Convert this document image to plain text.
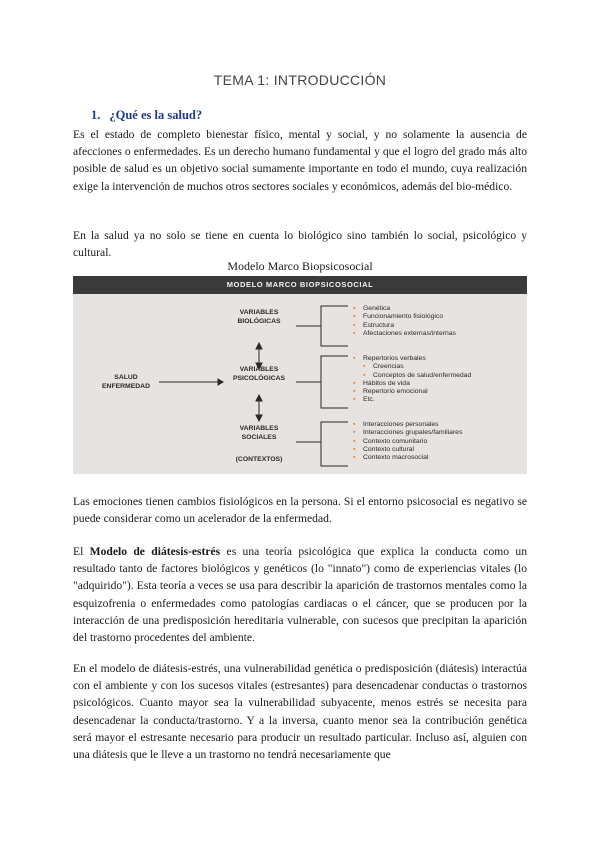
TEMA 1: INTRODUCCIÓN
1. ¿Qué es la salud?

Es el estado de completo bienestar físico, mental y social, y no solamente la ausencia de afecciones o enfermedades. Es un derecho humano fundamental y que el logro del grado más alto posible de salud es un objetivo social sumamente importante en todo el mundo, cuya realización exige la intervención de muchos otros sectores sociales y económicos, además del bio-médico.

En la salud ya no solo se tiene en cuenta lo biológico sino también lo social, psicológico y cultural.

Modelo Marco Biopsicosocial
MODELO MARCO BIOPSICOSOCIAL
SALUD
ENFERMEDAD
VARIABLES
BIOLÓGICAS
VARIABLES
PSICOLÓGICAS
VARIABLES
SOCIALES
(CONTEXTOS)
▪ Genética
▪ Funcionamiento fisiológico
▪ Estructura
▪ Afectaciones externas/internas
▪ Repertorios verbales
▪ Creencias
▪ Conceptos de salud/enfermedad
▪ Hábitos de vida
▪ Repertorio emocional
▪ Etc.
▪ Interacciones personales
▪ Interacciones grupales/familiares
▪ Contexto comunitario
▪ Contexto cultural
▪ Contexto macrosocial

Las emociones tienen cambios fisiológicos en la persona. Si el entorno psicosocial es negativo se puede considerar como un acelerador de la enfermedad.

El Modelo de diátesis-estrés es una teoría psicológica que explica la conducta como un resultado tanto de factores biológicos y genéticos (lo "innato") como de experiencias vitales (lo "adquirido"). Esta teoría a veces se usa para describir la aparición de trastornos mentales como la esquizofrenia o enfermedades como patologías cardiacas o el cáncer, que se producen por la interacción de una predisposición hereditaria vulnerable, con sucesos que precipitan la aparición del trastorno procedentes del ambiente.

En el modelo de diátesis-estrés, una vulnerabilidad genética o predisposición (diátesis) interactúa con el ambiente y con los sucesos vitales (estresantes) para desencadenar conductas o trastornos psicológicos. Cuanto mayor sea la vulnerabilidad subyacente, menos estrés se necesita para desencadenar la conducta/trastorno. Y a la inversa, cuanto menor sea la contribución genética será mayor el estresante necesario para producir un resultado particular. Incluso así, alguien con una diátesis que le lleve a un trastorno no tendrá necesariamente que
